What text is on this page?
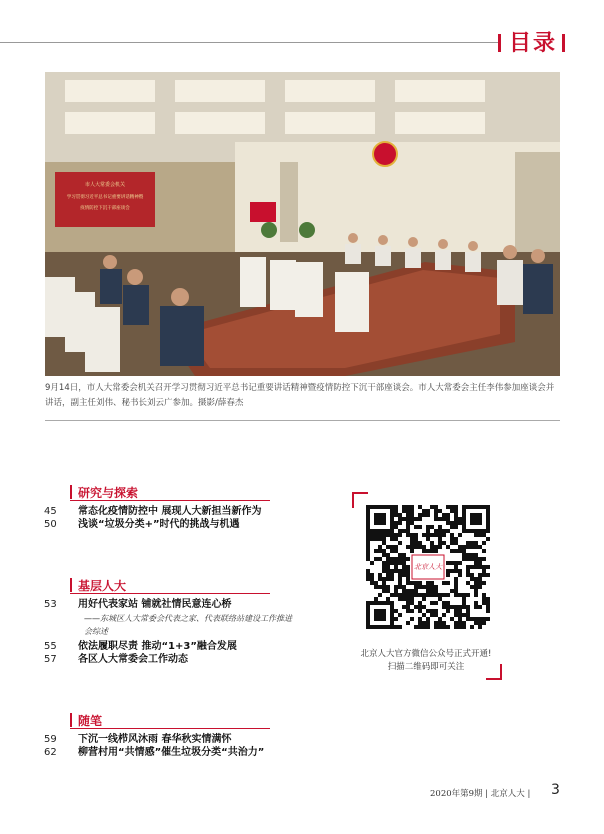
目录
市人大常委会机关
学习贯彻习近平总书记重要讲话精神暨
疫情防控下沉干部座谈会
9月14日，市人大常委会机关召开学习贯彻习近平总书记重要讲话精神暨疫情防控下沉干部座谈会。市人大常委会主任李伟参加座谈会并讲话，副主任刘伟、秘书长刘云广参加。摄影/薛春杰
研究与探索
45	常态化疫情防控中 展现人大新担当新作为
50	浅谈“垃圾分类+”时代的挑战与机遇
基层人大
53	用好代表家站 铺就社情民意连心桥
——东城区人大常委会代表之家、代表联络站建设工作推进会综述
55	依法履职尽责 推动“1+3”融合发展
57	各区人大常委会工作动态
随笔
59	下沉一线栉风沐雨 春华秋实情满怀
62	柳营村用“共情感”催生垃圾分类“共治力”
北京人大
北京人大官方微信公众号正式开通!
扫描二维码即可关注
2020年第9期 | 北京人大 | 3
